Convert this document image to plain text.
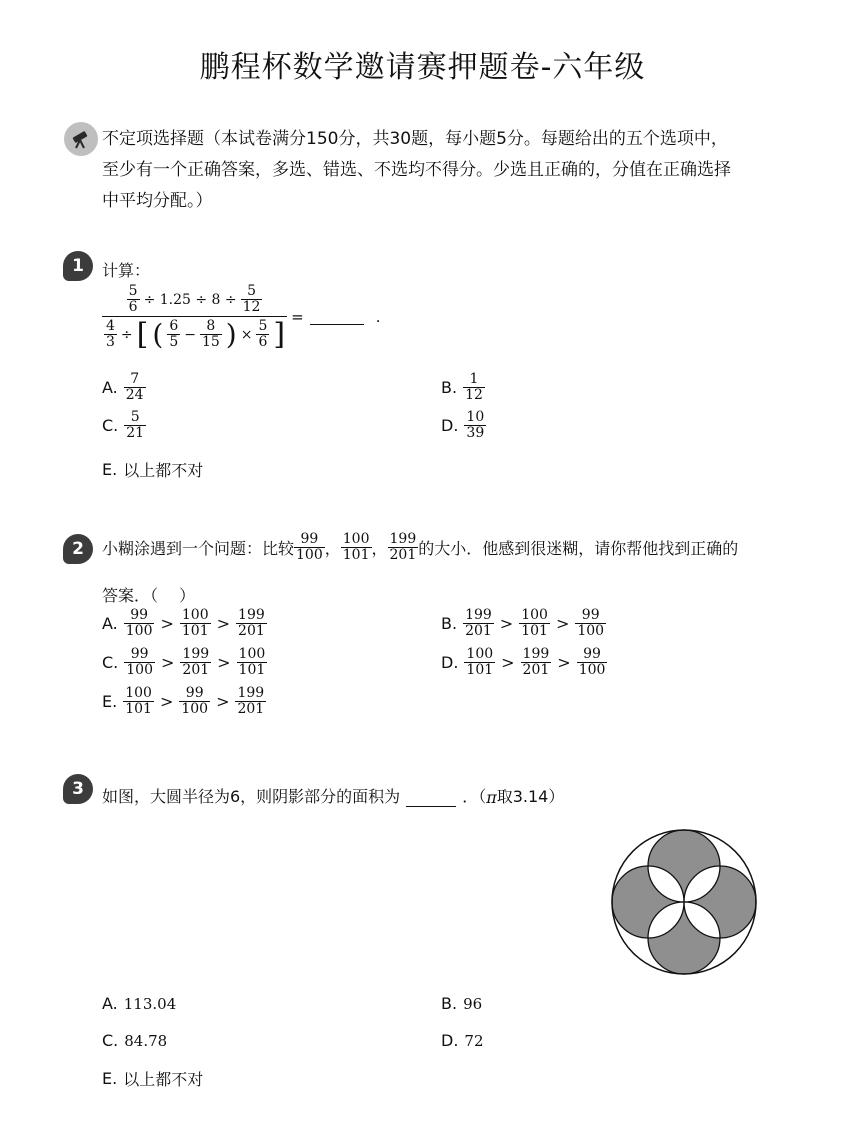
鹏程杯数学邀请赛押题卷-六年级
不定项选择题（本试卷满分150分，共30题，每小题5分。每题给出的五个选项中，
至少有一个正确答案，多选、错选、不选均不得分。少选且正确的，分值在正确选择
中平均分配。）
1	计算：
$\frac{5}{6} \div 1.25 \div 8 \div \frac{5}{12}$
$\frac{4}{3}$ ÷ [ ( $\frac{6}{5} - \frac{8}{15}$ ) × $\frac{5}{6}$ ] =	.
A. $\frac{7}{24}$	B. $\frac{1}{12}$
C. $\frac{5}{21}$	D. $\frac{10}{39}$
E. 以上都不对
2	小糊涂遇到一个问题：比较 $\frac{99}{100}$ ， $\frac{100}{101}$ ， $\frac{199}{201}$ 的大小．他感到很迷糊，请你帮他找到正确的
答案．（　 ）
A. $\frac{99}{100} > \frac{100}{101} > \frac{199}{201}$	B. $\frac{199}{201} > \frac{100}{101} > \frac{99}{100}$
C. $\frac{99}{100} > \frac{199}{201} > \frac{100}{101}$	D. $\frac{100}{101} > \frac{199}{201} > \frac{99}{100}$
E. $\frac{100}{101} > \frac{99}{100} > \frac{199}{201}$
3	如图，大圆半径为6，则阴影部分的面积为	．（ π 取3.14）
A. 113.04	B. 96
C. 84.78	D. 72
E. 以上都不对
